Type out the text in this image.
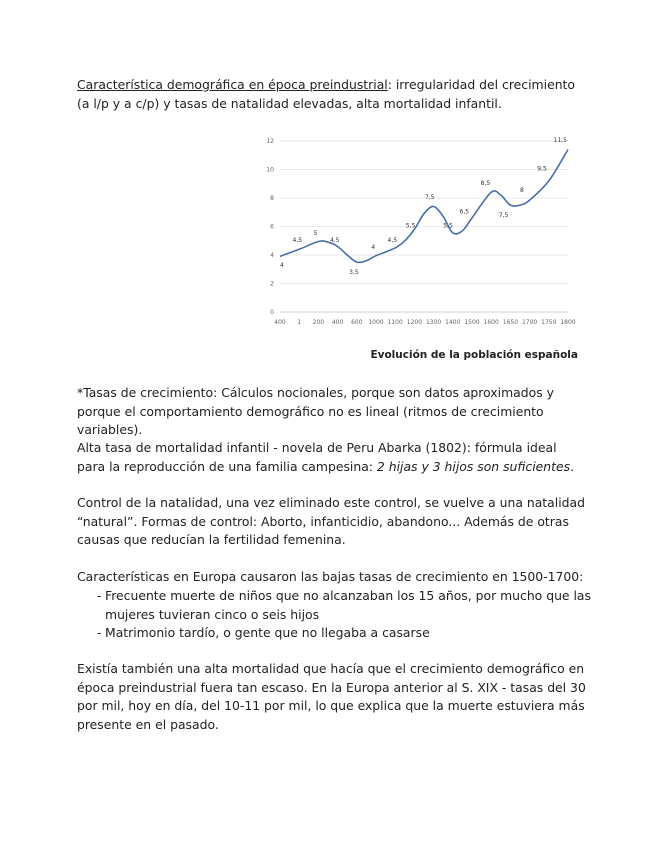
Característica demográfica en época preindustrial: irregularidad del crecimiento (a l/p y a c/p) y tasas de natalidad elevadas, alta mortalidad infantil.

0
2
4
6
8
10
12
400 1 200 400 600 1000 1100 1200 1300 1400 1500 1600 1650 1700 1750 1800
4
4,5
5
4,5
3,5
4
4,5
5,5
7,5
5,5
6,5
8,5
7,5
8
9,5
11,5
Evolución de la población española

*Tasas de crecimiento: Cálculos nocionales, porque son datos aproximados y porque el comportamiento demográfico no es lineal (ritmos de crecimiento variables).

Alta tasa de mortalidad infantil - novela de Peru Abarka (1802): fórmula ideal para la reproducción de una familia campesina: 2 hijas y 3 hijos son suficientes.

Control de la natalidad, una vez eliminado este control, se vuelve a una natalidad “natural”. Formas de control: Aborto, infanticidio, abandono... Además de otras causas que reducían la fertilidad femenina.

Características en Europa causaron las bajas tasas de crecimiento en 1500-1700:

- Frecuente muerte de niños que no alcanzaban los 15 años, por mucho que las mujeres tuvieran cinco o seis hijos
- Matrimonio tardío, o gente que no llegaba a casarse

Existía también una alta mortalidad que hacía que el crecimiento demográfico en época preindustrial fuera tan escaso. En la Europa anterior al S. XIX - tasas del 30 por mil, hoy en día, del 10-11 por mil, lo que explica que la muerte estuviera más presente en el pasado.
